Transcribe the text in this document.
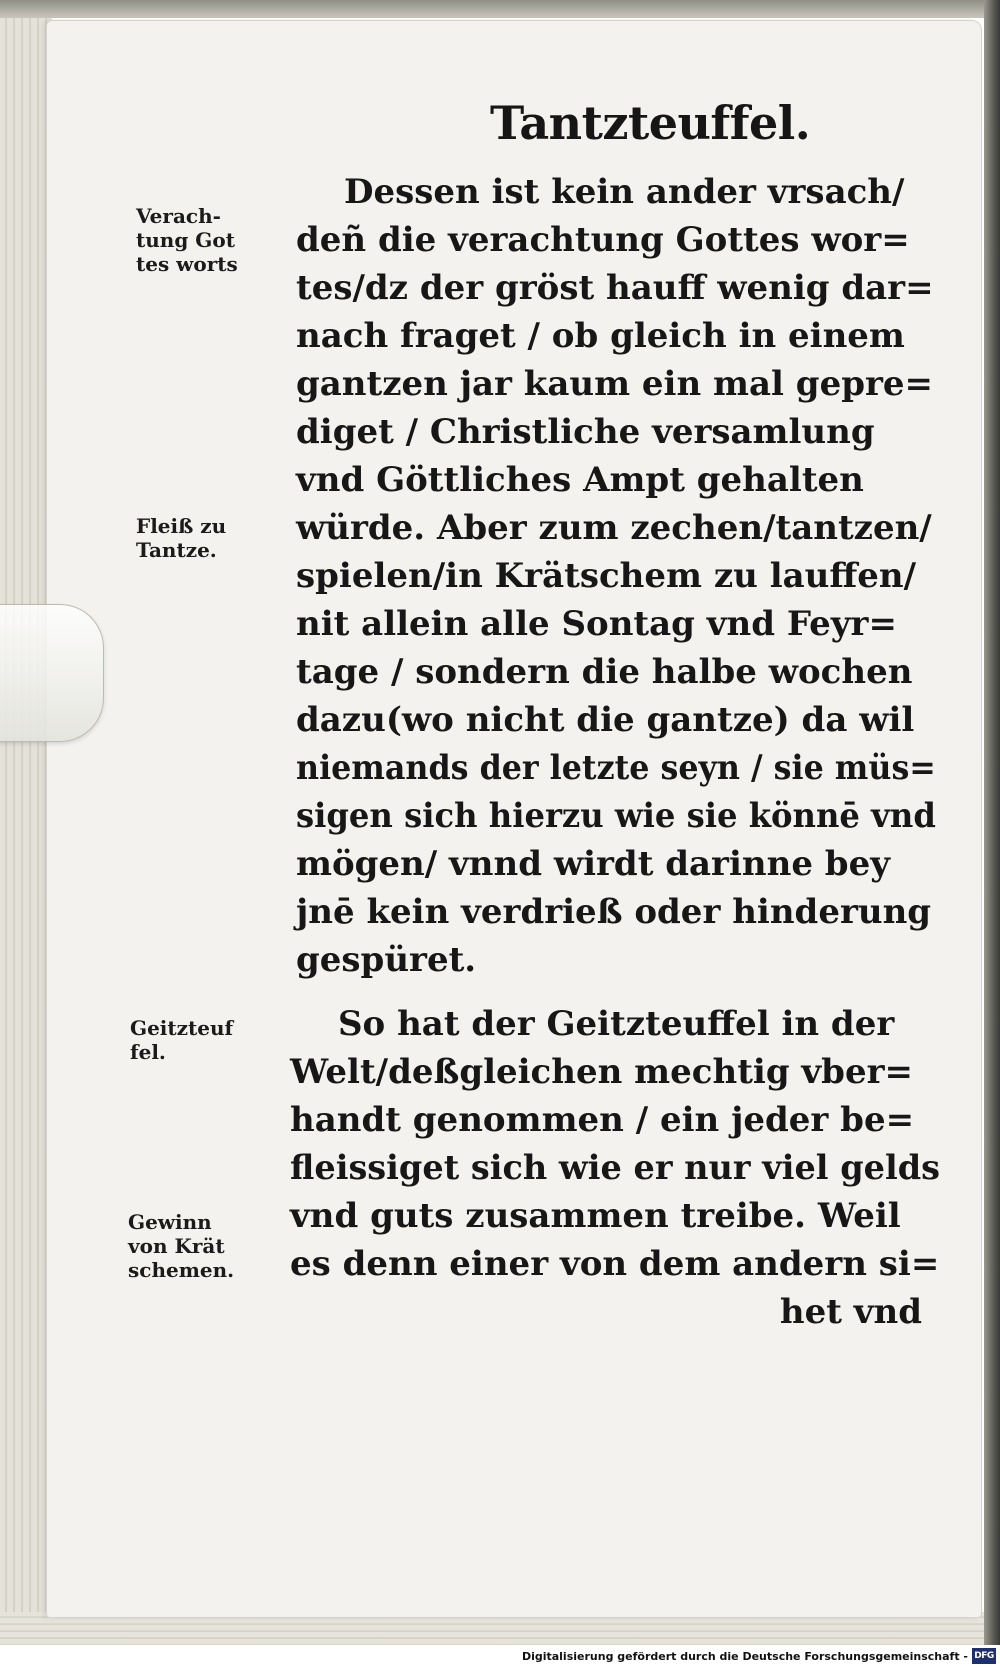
Tantzteuffel.
Verach-
tung Got
tes worts
Fleiß zu
Tantze.
Geitzteuf
fel.
Gewinn
von Krät
schemen.
Dessen ist kein ander vrsach/
deñ die verachtung Gottes wor=
tes/dz der gröst hauff wenig dar=
nach fraget / ob gleich in einem
gantzen jar kaum ein mal gepre=
diget / Christliche versamlung
vnd Göttliches Ampt gehalten
würde. Aber zum zechen/tantzen/
spielen/in Krätschem zu lauffen/
nit allein alle Sontag vnd Feyr=
tage / sondern die halbe wochen
dazu(wo nicht die gantze) da wil
niemands der letzte seyn / sie müs=
sigen sich hierzu wie sie könnē vnd
mögen/ vnnd wirdt darinne bey
jnē kein verdrieß oder hinderung
gespüret.
So hat der Geitzteuffel in der
Welt/deßgleichen mechtig vber=
handt genommen / ein jeder be=
fleissiget sich wie er nur viel gelds
vnd guts zusammen treibe. Weil
es denn einer von dem andern si=
het vnd
Digitalisierung gefördert durch die Deutsche Forschungsgemeinschaft - DFG
